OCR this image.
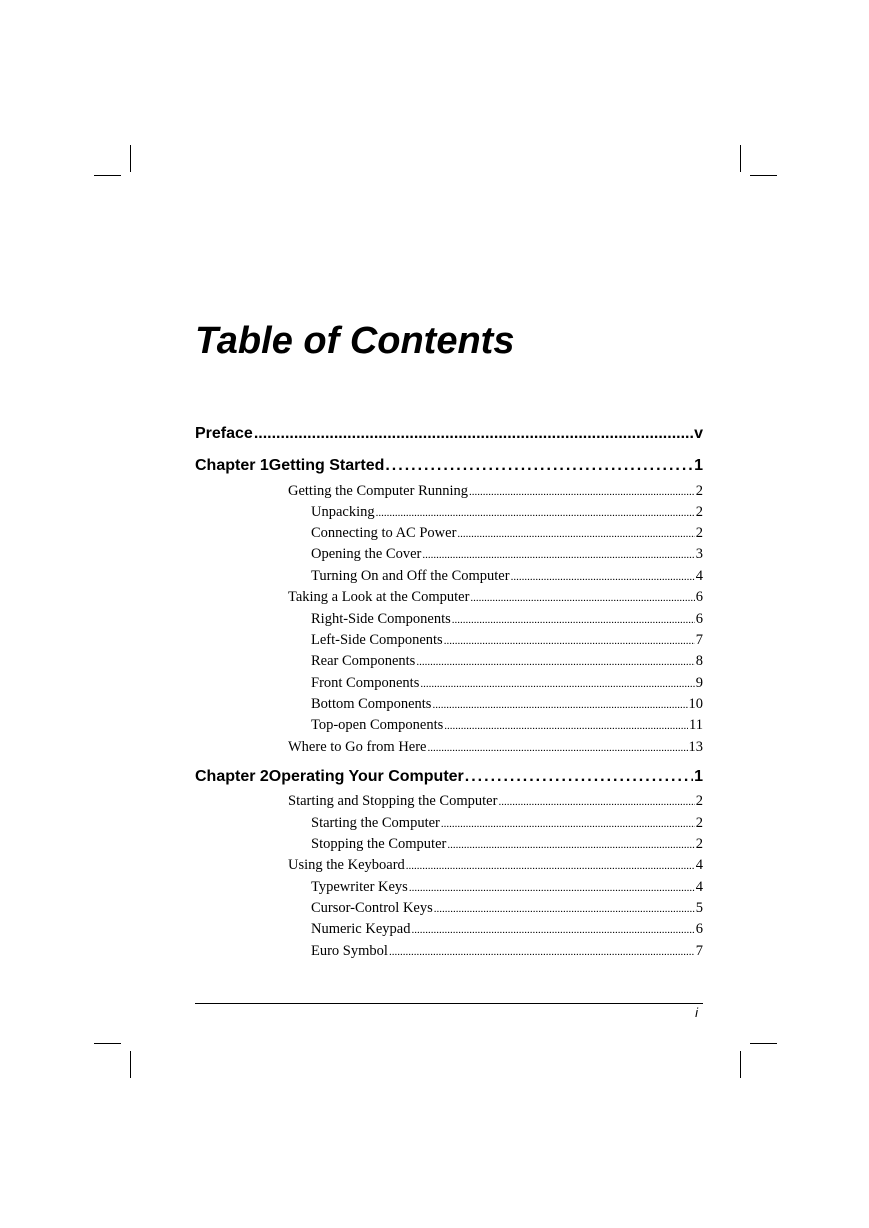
Table of Contents
Preface .....	v
Chapter 1 Getting Started .....	1
Getting the Computer Running .....	2
Unpacking .....	2
Connecting to AC Power .....	2
Opening the Cover .....	3
Turning On and Off the Computer .....	4
Taking a Look at the Computer .....	6
Right-Side Components .....	6
Left-Side Components .....	7
Rear Components .....	8
Front Components .....	9
Bottom Components .....	10
Top-open Components .....	11
Where to Go from Here .....	13
Chapter 2 Operating Your Computer .....	1
Starting and Stopping the Computer .....	2
Starting the Computer .....	2
Stopping the Computer .....	2
Using the Keyboard .....	4
Typewriter Keys .....	4
Cursor-Control Keys .....	5
Numeric Keypad .....	6
Euro Symbol .....	7
i
